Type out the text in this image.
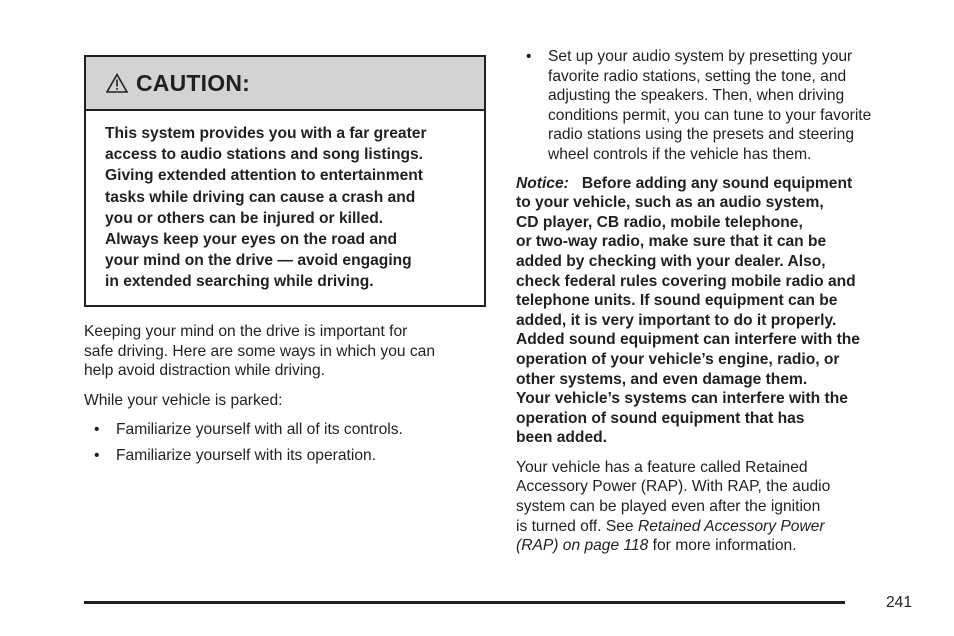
CAUTION:
This system provides you with a far greater
access to audio stations and song listings.
Giving extended attention to entertainment
tasks while driving can cause a crash and
you or others can be injured or killed.
Always keep your eyes on the road and
your mind on the drive — avoid engaging
in extended searching while driving.

Keeping your mind on the drive is important for
safe driving. Here are some ways in which you can
help avoid distraction while driving.

While your vehicle is parked:

• Familiarize yourself with all of its controls.
• Familiarize yourself with its operation.
• Set up your audio system by presetting your
favorite radio stations, setting the tone, and
adjusting the speakers. Then, when driving
conditions permit, you can tune to your favorite
radio stations using the presets and steering
wheel controls if the vehicle has them.
Notice: Before adding any sound equipment
to your vehicle, such as an audio system,
CD player, CB radio, mobile telephone,
or two-way radio, make sure that it can be
added by checking with your dealer. Also,
check federal rules covering mobile radio and
telephone units. If sound equipment can be
added, it is very important to do it properly.
Added sound equipment can interfere with the
operation of your vehicle’s engine, radio, or
other systems, and even damage them.
Your vehicle’s systems can interfere with the
operation of sound equipment that has
been added.

Your vehicle has a feature called Retained
Accessory Power (RAP). With RAP, the audio
system can be played even after the ignition
is turned off. See Retained Accessory Power
(RAP) on page 118 for more information.

241
